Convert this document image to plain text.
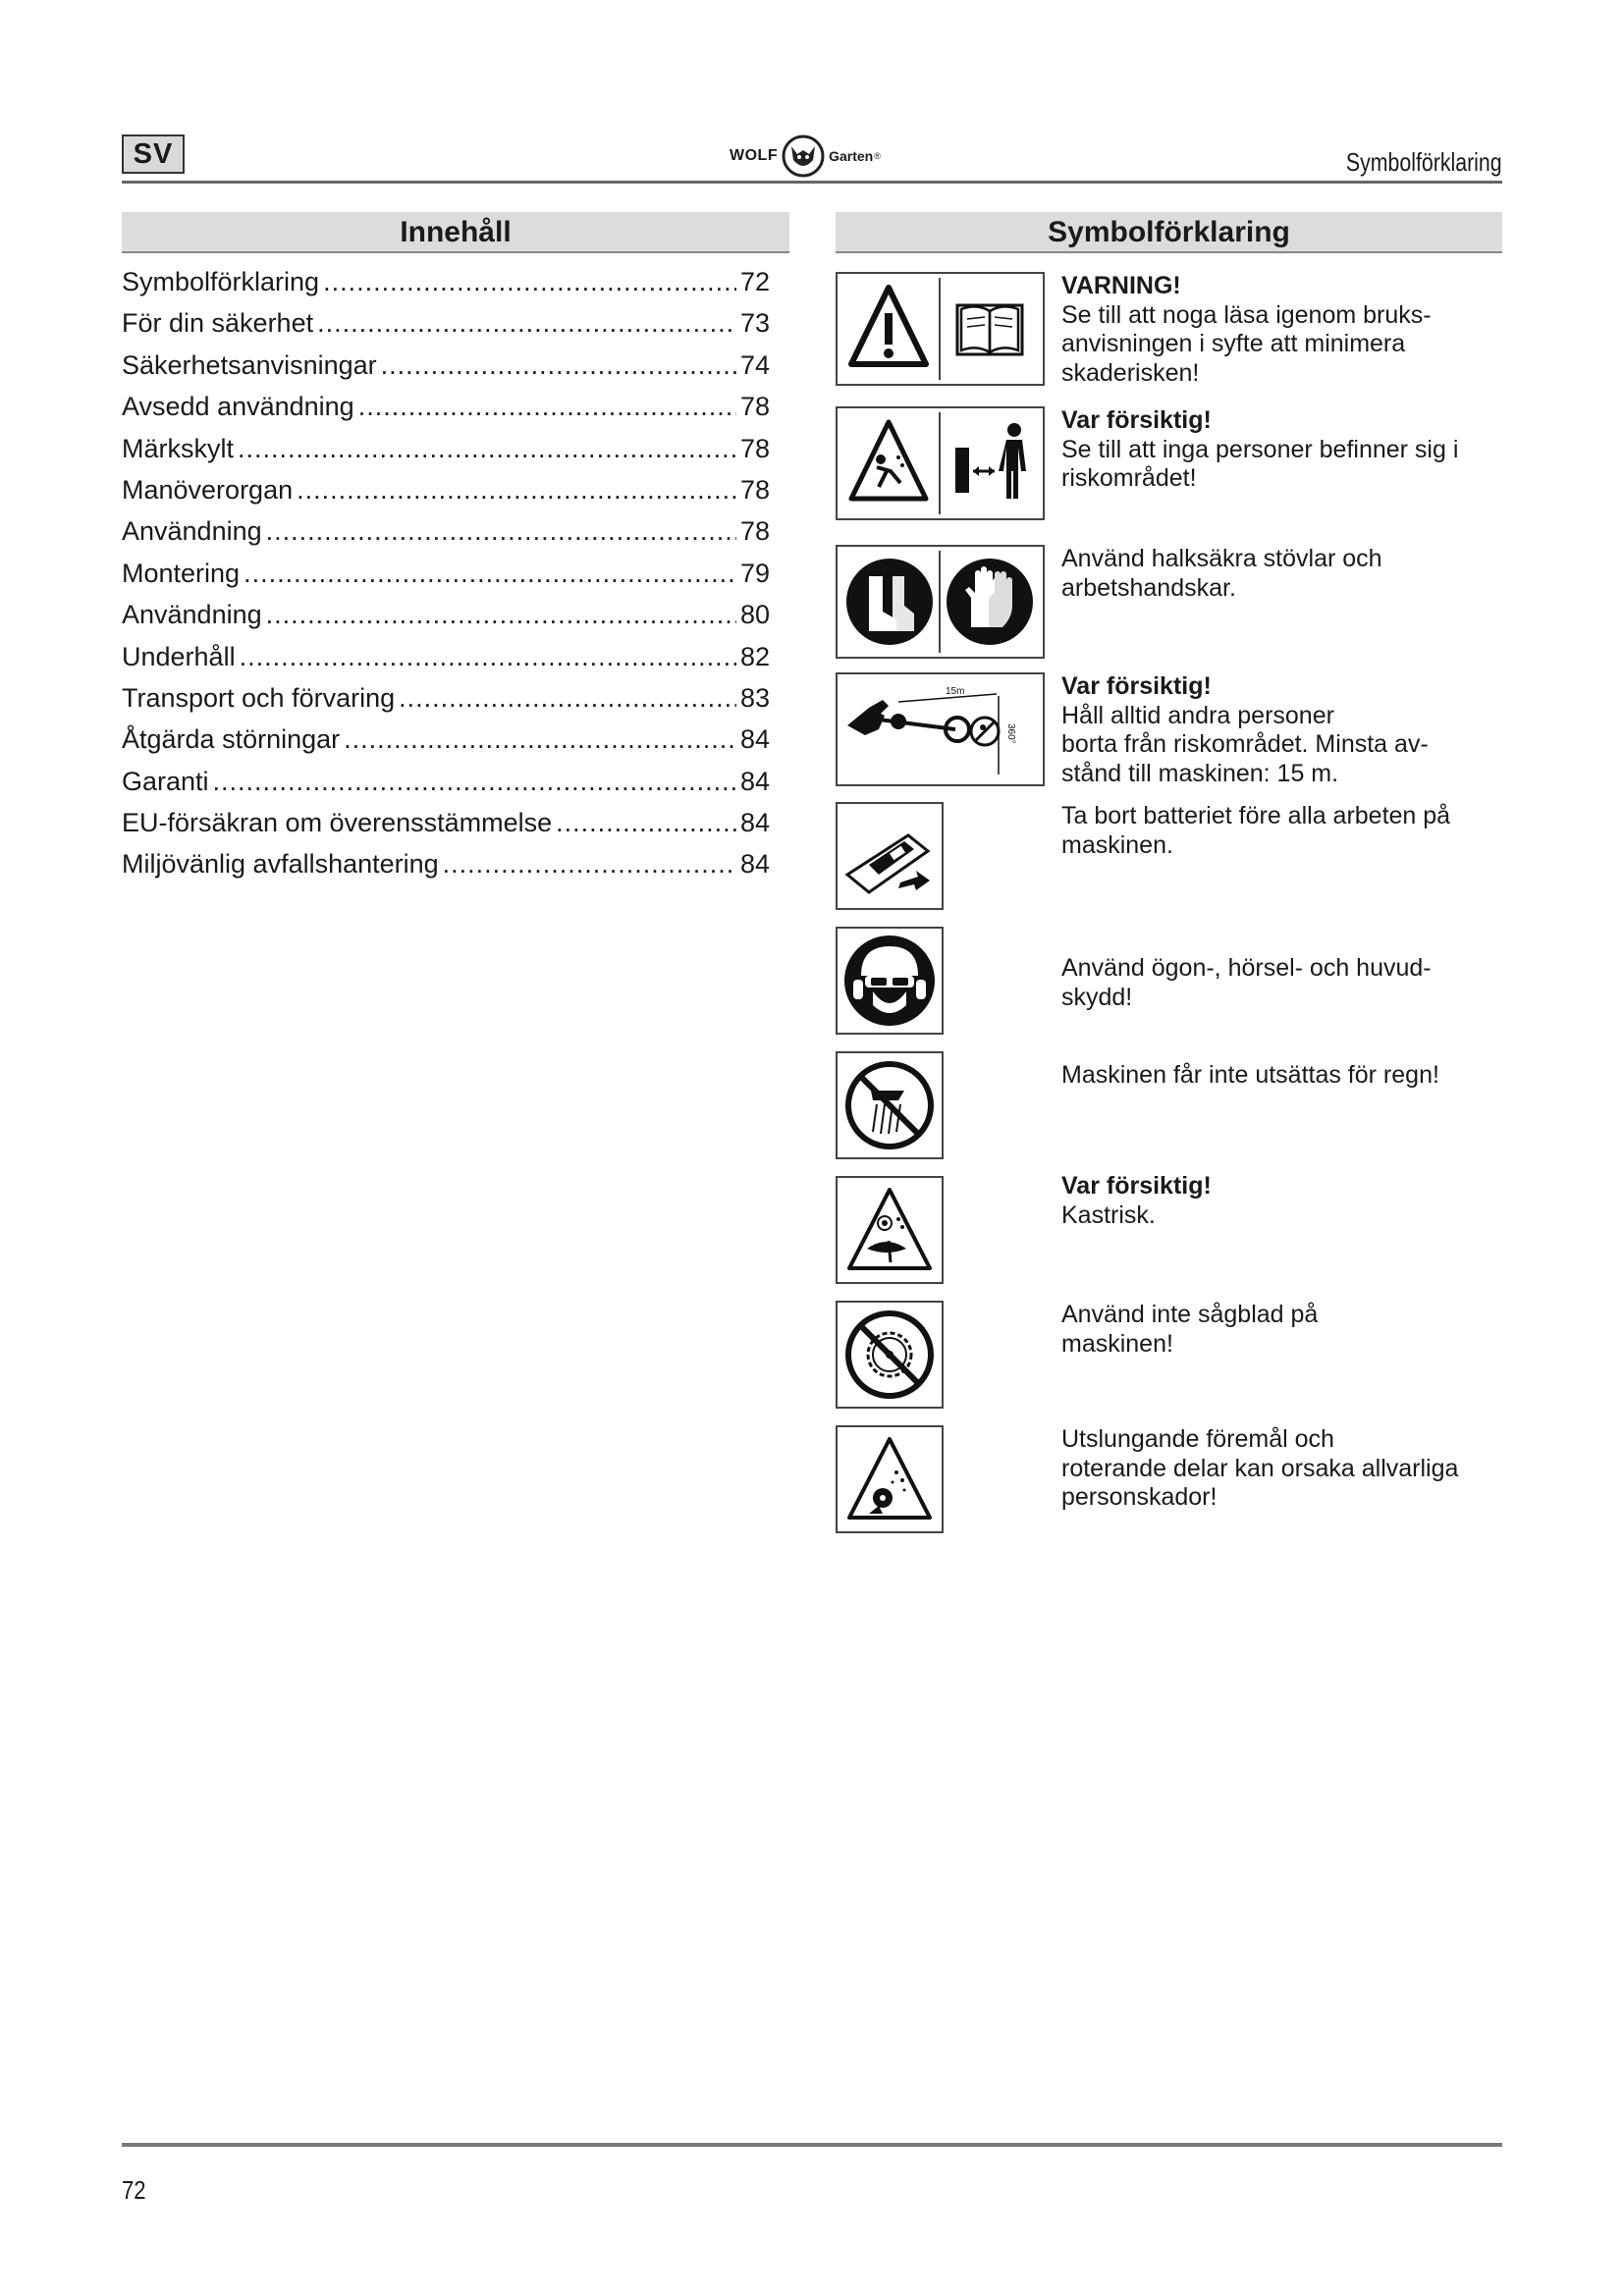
SV	WOLF	Garten ®	Symbolförklaring
Innehåll	Symbolförklaring
Symbolförklaring .....	72
För din säkerhet .....	73
Säkerhetsanvisningar .....	74
Avsedd användning .....	78
Märkskylt .....	78
Manöverorgan .....	78
Användning .....	78
Montering .....	79
Användning .....	80
Underhåll .....	82
Transport och förvaring .....	83
Åtgärda störningar .....	84
Garanti .....	84
EU-försäkran om överensstämmelse .....	84
Miljövänlig avfallshantering .....	84

VARNING!

Se till att noga läsa igenom bruks-
anvisningen i syfte att minimera
skaderisken!

Var försiktig!

Se till att inga personer befinner sig i
riskområdet!

Använd halksäkra stövlar och
arbetshandskar.

15m
360°

Var försiktig!

Håll alltid andra personer
borta från riskområdet. Minsta av-
stånd till maskinen: 15 m.

Ta bort batteriet före alla arbeten på
maskinen.

Använd ögon-, hörsel- och huvud-
skydd!

Maskinen får inte utsättas för regn!

Var försiktig!

Kastrisk.

Använd inte sågblad på
maskinen!

Utslungande föremål och
roterande delar kan orsaka allvarliga
personskador!

72
